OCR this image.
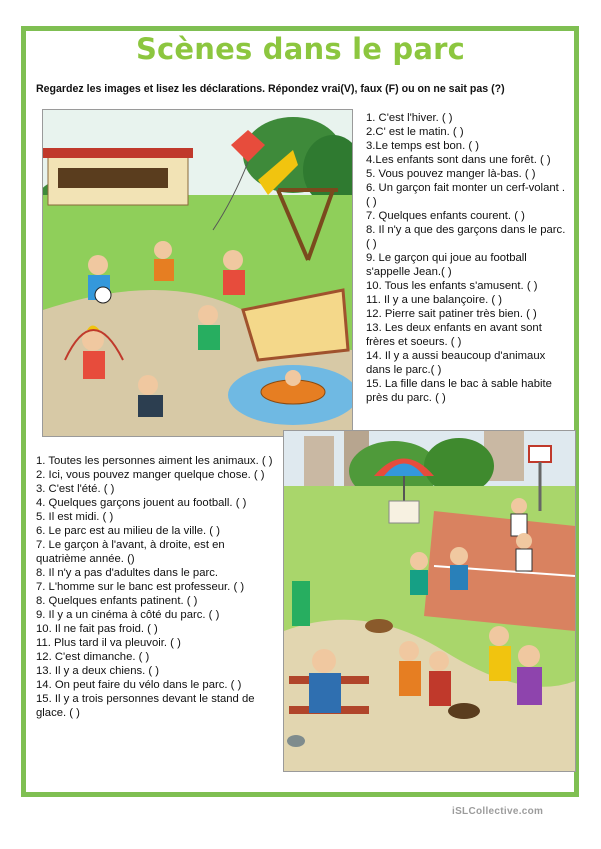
Scènes dans le parc
Regardez les images et lisez les déclarations. Répondez vrai(V), faux (F) ou on ne sait pas (?)
1. C'est l'hiver. ( )
2.C' est le matin. ( )
3.Le temps est bon. ( )
4.Les enfants sont dans une forêt. ( )
5. Vous pouvez manger là-bas. ( )
6. Un garçon fait monter un cerf-volant .( )
7. Quelques enfants courent. ( )
8. Il n'y a que des garçons dans le parc. ( )
9. Le garçon qui joue au football s'appelle Jean.( )
10. Tous les enfants s'amusent. ( )
11. Il y a une balançoire. ( )
12. Pierre sait patiner très bien. ( )
13. Les deux enfants en avant sont frères et soeurs. ( )
14. Il y a aussi beaucoup d'animaux dans le parc.( )
15. La fille dans le bac à sable habite près du parc. ( )
1. Toutes les personnes aiment les animaux. ( )
2. Ici, vous pouvez manger quelque chose. ( )
3. C'est l'été. ( )
4. Quelques garçons jouent au football. ( )
5. Il est midi. ( )
6. Le parc est au milieu de la ville. ( )
7. Le garçon à l'avant, à droite, est en quatrième année. ()
8. Il n'y a pas d'adultes dans le parc.
7. L'homme sur le banc est professeur. ( )
8. Quelques enfants patinent. ( )
9. Il y a un cinéma à côté du parc. ( )
10. Il ne fait pas froid. ( )
11. Plus tard il va pleuvoir. ( )
12. C'est dimanche. ( )
13. Il y a deux chiens. ( )
14. On peut faire du vélo dans le parc. ( )
15. Il y a trois personnes devant le stand de glace. ( )
iSLCollective.com
